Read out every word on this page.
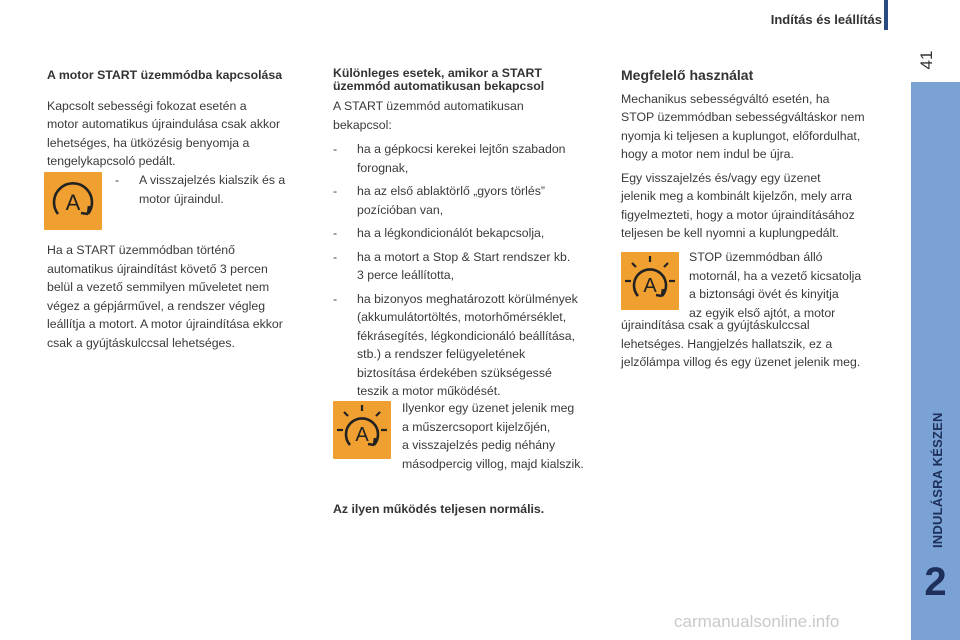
Indítás és leállítás
41
INDULÁSRA KÉSZEN
2

A motor START üzemmódba kapcsolása

Kapcsolt sebességi fokozat esetén a
motor automatikus újraindulása csak akkor
lehetséges, ha ütközésig benyomja a
tengelykapcsoló pedált.

A
- A visszajelzés kialszik és a
motor újraindul.
Ha a START üzemmódban történő
automatikus újraindítást követő 3 percen
belül a vezető semmilyen műveletet nem
végez a gépjárművel, a rendszer végleg
leállítja a motort. A motor újraindítása ekkor
csak a gyújtáskulccsal lehetséges.
Különleges esetek, amikor a START
üzemmód automatikusan bekapcsol

A START üzemmód automatikusan
bekapcsol:

- ha a gépkocsi kerekei lejtőn szabadon
forognak,
- ha az első ablaktörlő „gyors törlés”
pozícióban van,
- ha a légkondicionálót bekapcsolja,
- ha a motort a Stop & Start rendszer kb.
3 perce leállította,
- ha bizonyos meghatározott körülmények
(akkumulátortöltés, motorhőmérséklet,
fékrásegítés, légkondicionáló beállítása,
stb.) a rendszer felügyeletének
biztosítása érdekében szükségessé
teszik a motor működését.
A
Ilyenkor egy üzenet jelenik meg
a műszercsoport kijelzőjén,
a visszajelzés pedig néhány
másodpercig villog, majd kialszik.
Az ilyen működés teljesen normális.

Megfelelő használat

Mechanikus sebességváltó esetén, ha
STOP üzemmódban sebességváltáskor nem
nyomja ki teljesen a kuplungot, előfordulhat,
hogy a motor nem indul be újra.

Egy visszajelzés és/vagy egy üzenet
jelenik meg a kombinált kijelzőn, mely arra
figyelmezteti, hogy a motor újraindításához
teljesen be kell nyomni a kuplungpedált.

A
STOP üzemmódban álló
motornál, ha a vezető kicsatolja
a biztonsági övét és kinyitja
az egyik első ajtót, a motor
újraindítása csak a gyújtáskulccsal
lehetséges. Hangjelzés hallatszik, ez a
jelzőlámpa villog és egy üzenet jelenik meg.
carmanualsonline.info
